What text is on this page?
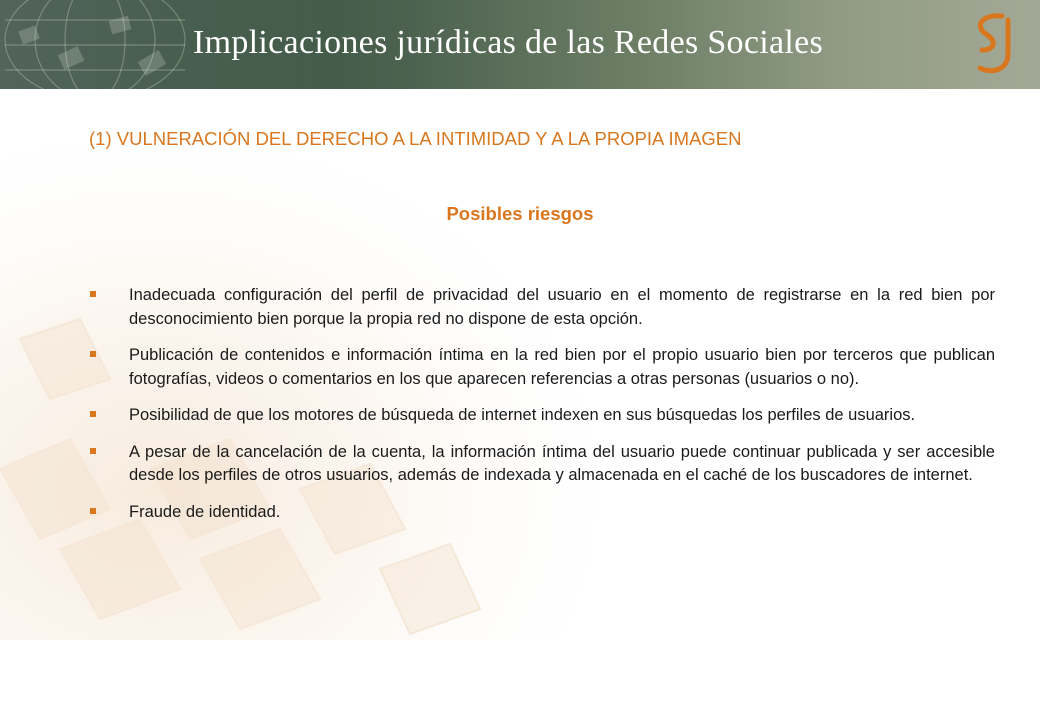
Implicaciones jurídicas de las Redes Sociales
(1) VULNERACIÓN DEL DERECHO A LA INTIMIDAD Y A LA PROPIA IMAGEN
Posibles riesgos
Inadecuada configuración del perfil de privacidad del usuario en el momento de registrarse en la red bien por desconocimiento bien porque la propia red no dispone de esta opción.
Publicación de contenidos e información íntima en la red bien por el propio usuario bien por terceros que publican fotografías, videos o comentarios en los que aparecen referencias a otras personas (usuarios o no).
Posibilidad de que los motores de búsqueda de internet indexen en sus búsquedas los perfiles de usuarios.
A pesar de la cancelación de la cuenta, la información íntima del usuario puede continuar publicada y ser accesible desde los perfiles de otros usuarios, además de indexada y almacenada en el caché de los buscadores de internet.
Fraude de identidad.
